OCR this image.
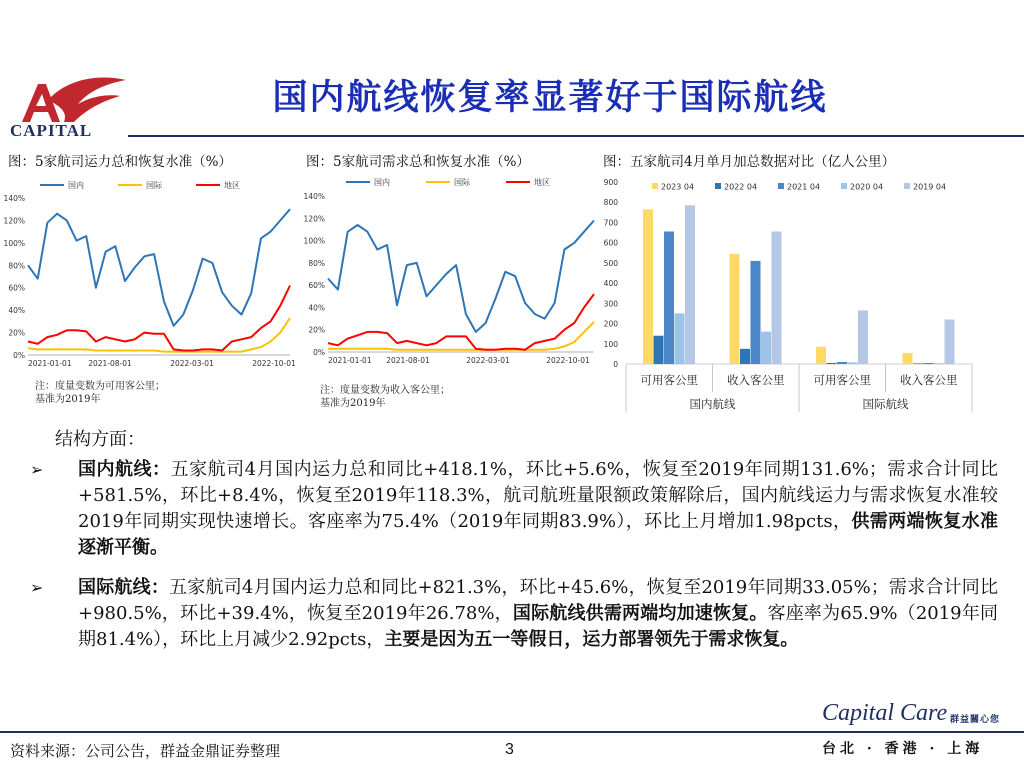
CAPITAL
国内航线恢复率显著好于国际航线
图：5家航司运力总和恢复水准（%）	图：5家航司需求总和恢复水准（%）	图：五家航司4月单月加总数据对比（亿人公里）
0%
20%
40%
60%
80%
100%
120%
140%
2021-01-01 2021-08-01	2022-03-01	2022-10-01
国内	国际	地区
0%
20%
40%
60%
80%
100%
120%
140%
2021-01-01 2021-08-01	2022-03-01	2022-10-01
国内	国际	地区
0
100
200
300
400
500
600
700
800
900
可用客公里	收入客公里	可用客公里	收入客公里
国内航线	国际航线
2023 04	2022 04	2021 04	2020 04	2019 04
注：度量变数为可用客公里；
基准为2019年
注：度量变数为收入客公里；
基准为2019年
结构方面：
➢ 国内航线：五家航司4月国内运力总和同比+418.1%，环比+5.6%，恢复至2019年同期131.6%；需求合计同比+581.5%，环比+8.4%，恢复至2019年118.3%，航司航班量限额政策解除后，国内航线运力与需求恢复水准较2019年同期实现快速增长。客座率为75.4%（2019年同期83.9%），环比上月增加1.98pcts，供需两端恢复水准逐渐平衡。
➢ 国际航线：五家航司4月国内运力总和同比+821.3%，环比+45.6%，恢复至2019年同期33.05%；需求合计同比+980.5%，环比+39.4%，恢复至2019年26.78%，国际航线供需两端均加速恢复。客座率为65.9%（2019年同期81.4%），环比上月减少2.92pcts，主要是因为五一等假日，运力部署领先于需求恢复。
Capital Care 群益關心您
资料来源：公司公告，群益金鼎证券整理	3	台北 · 香港 · 上海
